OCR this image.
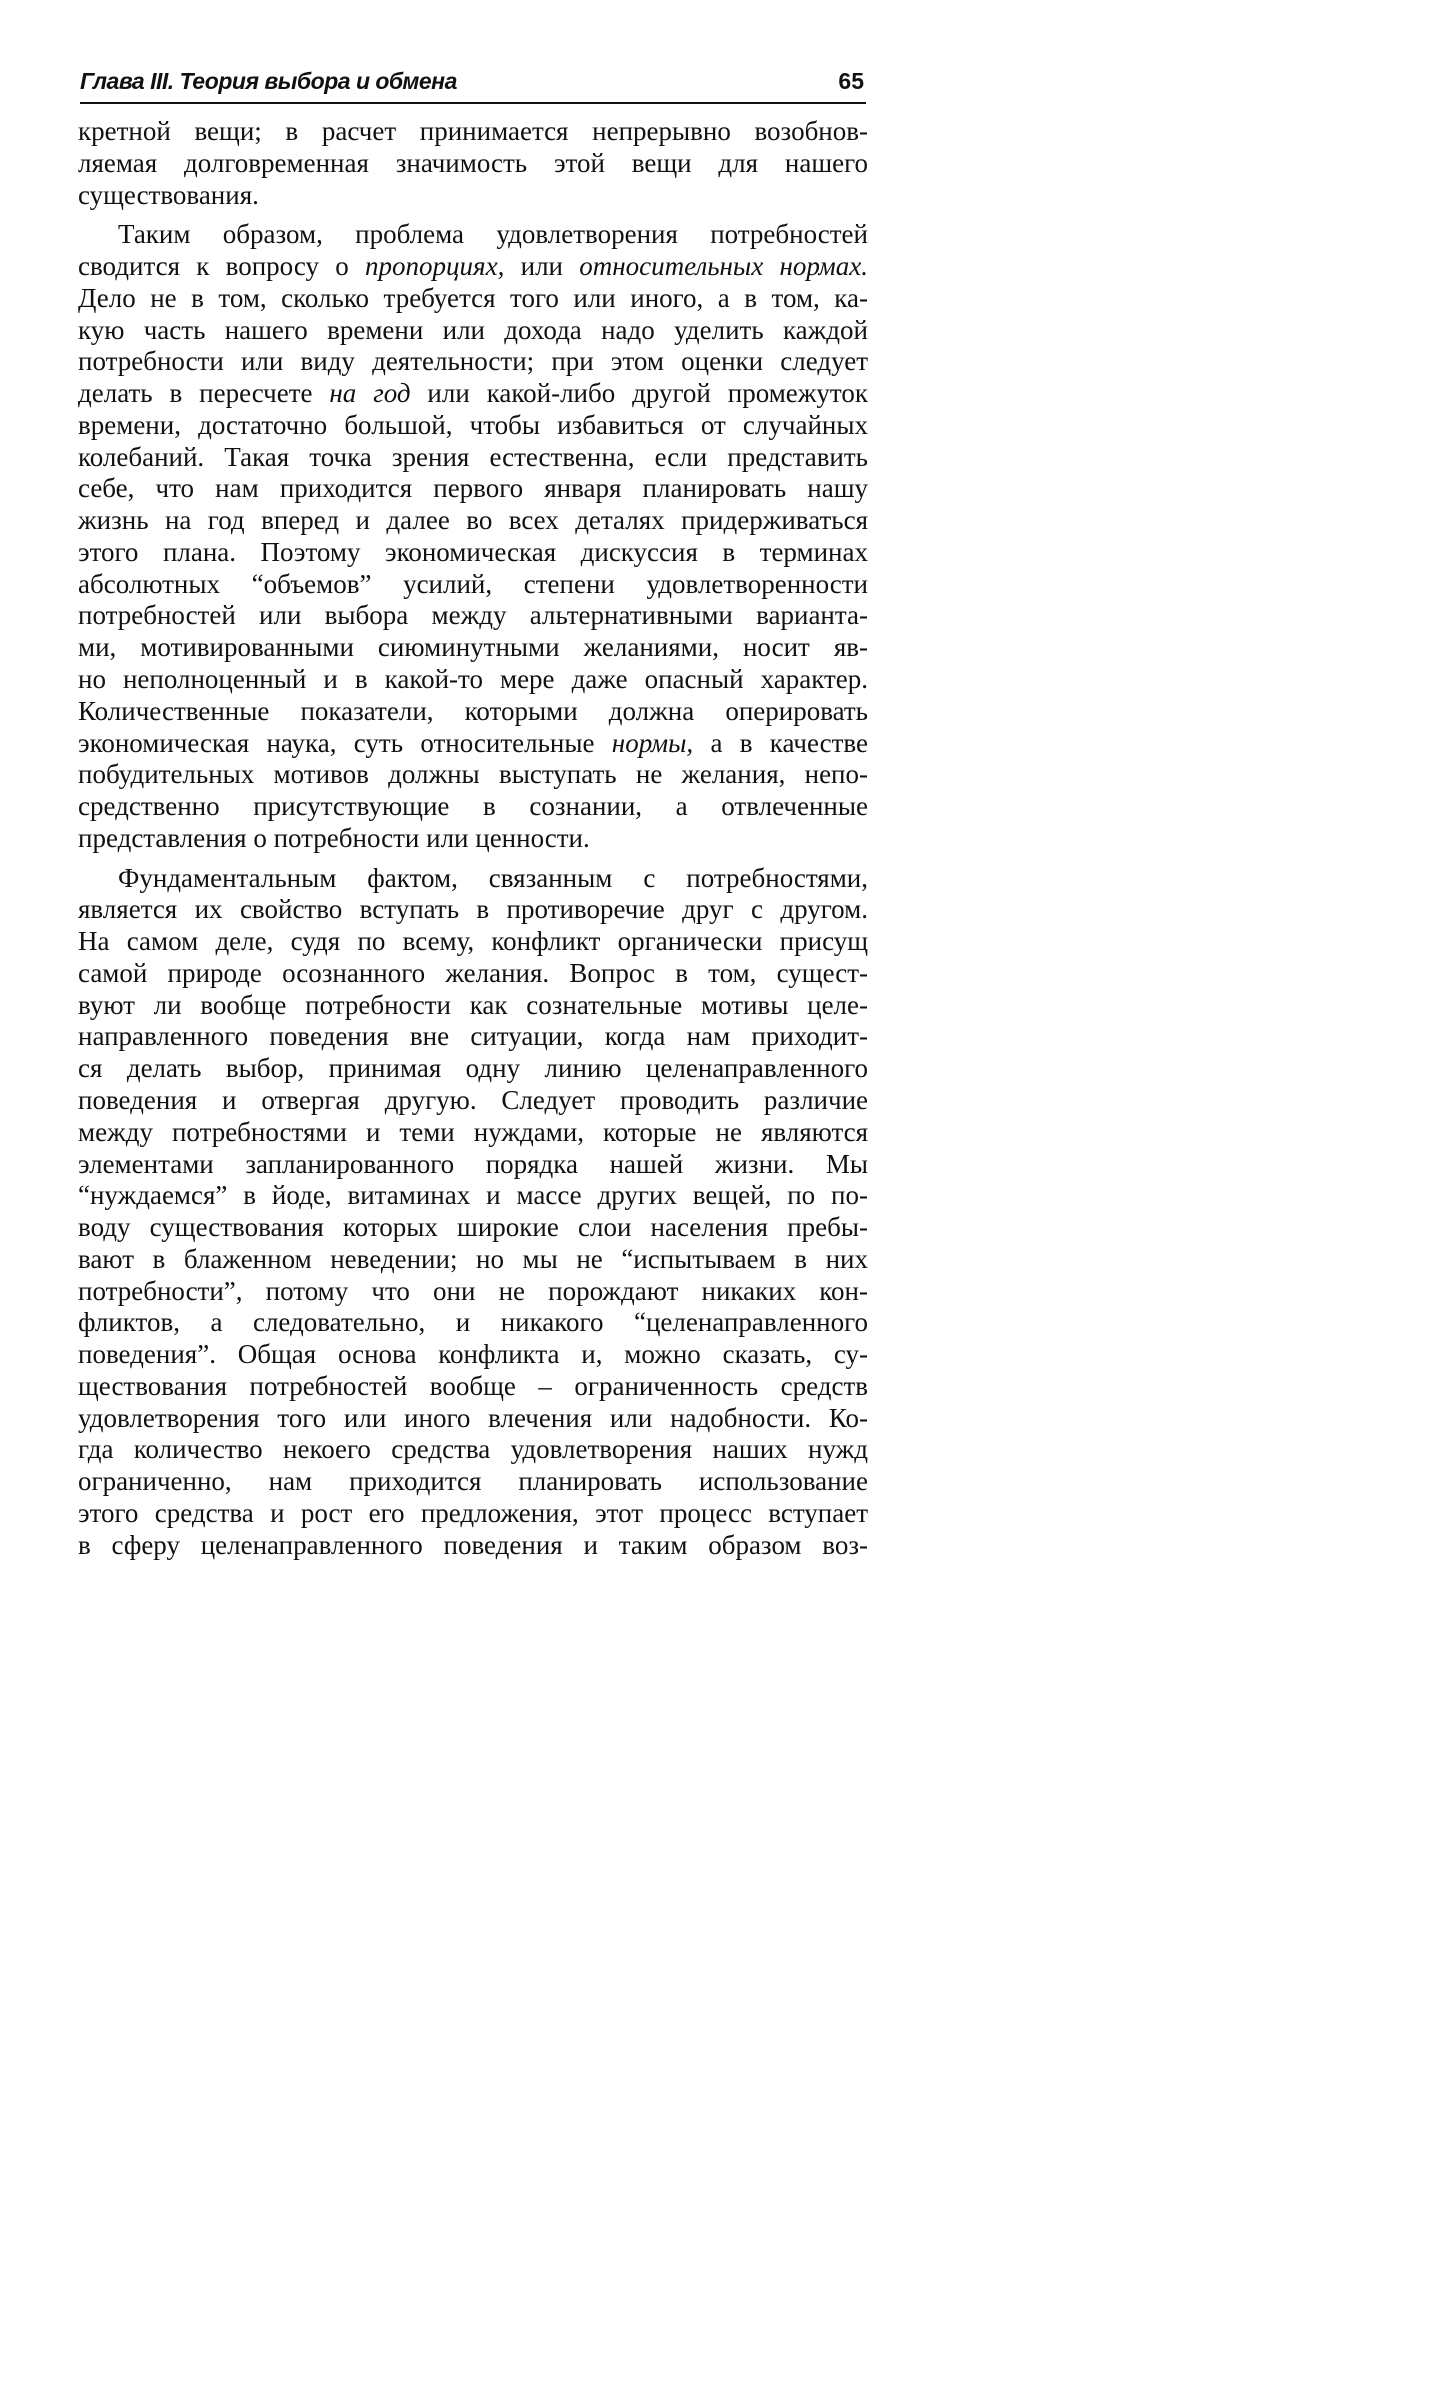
Глава III. Теория выбора и обмена	65
кретной вещи; в расчет принимается непрерывно возобнов-
ляемая долговременная значимость этой вещи для нашего
существования.
Таким образом, проблема удовлетворения потребностей
сводится к вопросу о пропорциях, или относительных нормах.
Дело не в том, сколько требуется того или иного, а в том, ка-
кую часть нашего времени или дохода надо уделить каждой
потребности или виду деятельности; при этом оценки следует
делать в пересчете на год или какой-либо другой промежуток
времени, достаточно большой, чтобы избавиться от случайных
колебаний. Такая точка зрения естественна, если представить
себе, что нам приходится первого января планировать нашу
жизнь на год вперед и далее во всех деталях придерживаться
этого плана. Поэтому экономическая дискуссия в терминах
абсолютных “объемов” усилий, степени удовлетворенности
потребностей или выбора между альтернативными варианта-
ми, мотивированными сиюминутными желаниями, носит яв-
но неполноценный и в какой-то мере даже опасный характер.
Количественные показатели, которыми должна оперировать
экономическая наука, суть относительные нормы, а в качестве
побудительных мотивов должны выступать не желания, непо-
средственно присутствующие в сознании, а отвлеченные
представления о потребности или ценности.
Фундаментальным фактом, связанным с потребностями,
является их свойство вступать в противоречие друг с другом.
На самом деле, судя по всему, конфликт органически присущ
самой природе осознанного желания. Вопрос в том, сущест-
вуют ли вообще потребности как сознательные мотивы целе-
направленного поведения вне ситуации, когда нам приходит-
ся делать выбор, принимая одну линию целенаправленного
поведения и отвергая другую. Следует проводить различие
между потребностями и теми нуждами, которые не являются
элементами запланированного порядка нашей жизни. Мы
“нуждаемся” в йоде, витаминах и массе других вещей, по по-
воду существования которых широкие слои населения пребы-
вают в блаженном неведении; но мы не “испытываем в них
потребности”, потому что они не порождают никаких кон-
фликтов, а следовательно, и никакого “целенаправленного
поведения”. Общая основа конфликта и, можно сказать, су-
ществования потребностей вообще – ограниченность средств
удовлетворения того или иного влечения или надобности. Ко-
гда количество некоего средства удовлетворения наших нужд
ограниченно, нам приходится планировать использование
этого средства и рост его предложения, этот процесс вступает
в сферу целенаправленного поведения и таким образом воз-
